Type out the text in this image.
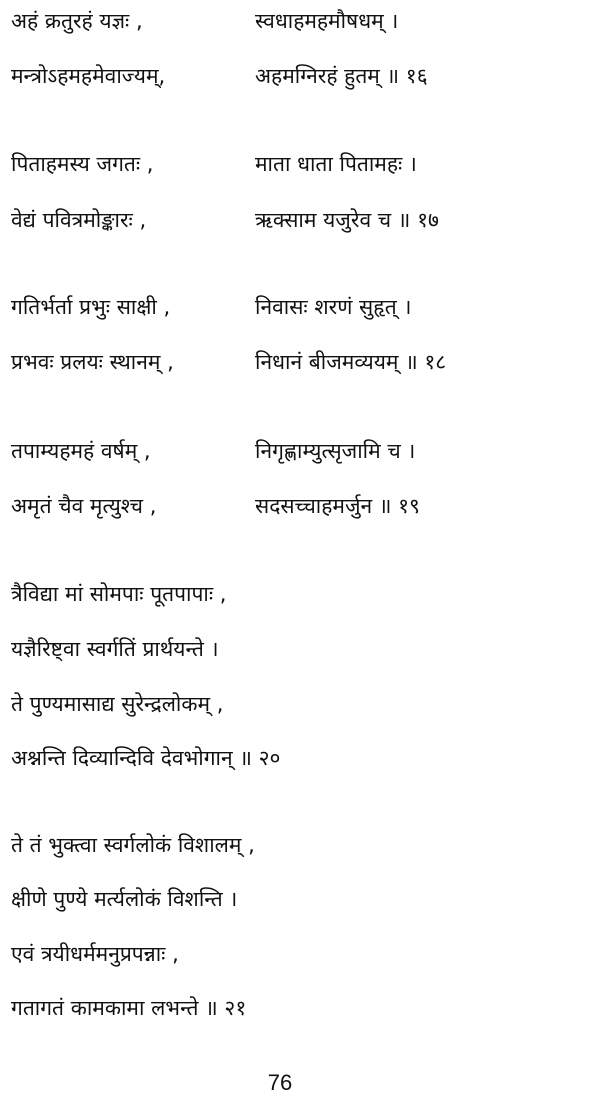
अहं क्रतुरहं यज्ञः ,	स्वधाहमहमौषधम् ।
मन्त्रोऽहमहमेवाज्यम्,	अहमग्निरहं हुतम् ॥ १६
पिताहमस्य जगतः ,	माता धाता पितामहः ।
वेद्यं पवित्रमोङ्कारः ,	ऋक्साम यजुरेव च ॥ १७
गतिर्भर्ता प्रभुः साक्षी ,	निवासः शरणं सुहृत् ।
प्रभवः प्रलयः स्थानम् ,	निधानं बीजमव्ययम् ॥ १८
तपाम्यहमहं वर्षम् ,	निगृह्णाम्युत्सृजामि च ।
अमृतं चैव मृत्युश्च ,	सदसच्चाहमर्जुन ॥ १९
त्रैविद्या मां सोमपाः पूतपापाः ,
यज्ञैरिष्ट्वा स्वर्गतिं प्रार्थयन्ते ।
ते पुण्यमासाद्य सुरेन्द्रलोकम् ,
अश्नन्ति दिव्यान्दिवि देवभोगान् ॥ २०
ते तं भुक्त्वा स्वर्गलोकं विशालम् ,
क्षीणे पुण्ये मर्त्यलोकं विशन्ति ।
एवं त्रयीधर्ममनुप्रपन्नाः ,
गतागतं कामकामा लभन्ते ॥ २१
76
